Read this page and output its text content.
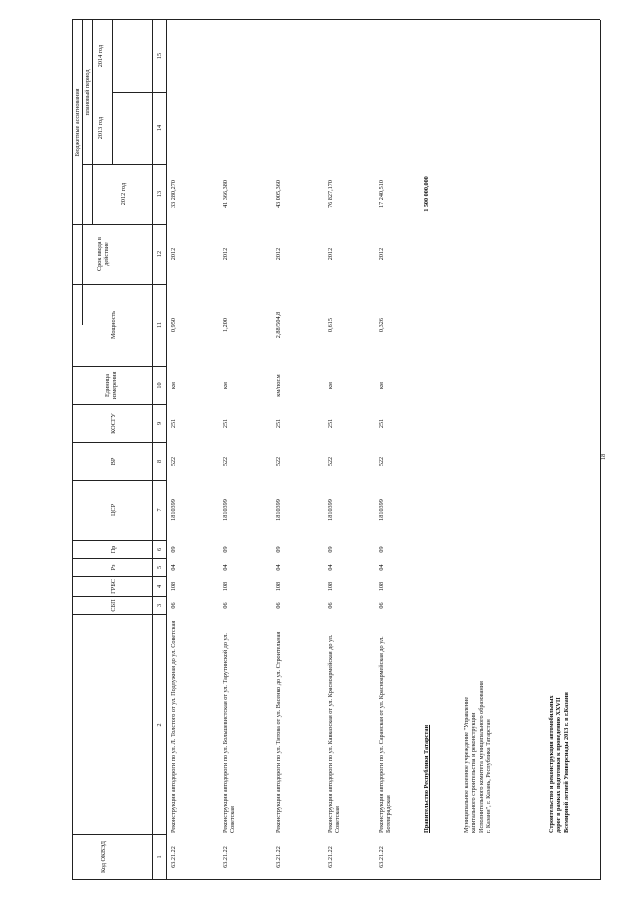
Код ОКВЭД
СБП
ГРБС
Рз
Пр
ЦСР
ВР
КОСГУ
Единица измерения
Мощность
Срок ввода в действие
Бюджетные ассигнования
2012 год
плановый период
2013 год
2014 год
1
2
3
4
5
6
7
8
9
10
11
12
13
14
15
63.21.22
Реконструкция автодороги по ул. Л. Толстого от ул. Подлужная до ул. Советская
06
108
04
09
1810399
522
251
км
0,950
2012
33 280,270
63.21.22
Реконструкция автодороги по ул. Большевистская от ул. Тарутинской до ул. Советская
06
108
04
09
1810399
522
251
км
1,200
2012
41 366,380
63.21.22
Реконструкция автодороги по ул. Титова от ул. Васенко до ул. Строительная
06
108
04
09
1810399
522
251
км/пог.м
2,88/504,8
2012
43 005,360
63.21.22
Реконструкция автодороги по ул. Кавказская от ул. Красноармейская до ул. Советская
06
108
04
09
1810399
522
251
км
0,615
2012
76 827,170
63.21.22
Реконструкция автодороги по ул. Саранская от ул. Красноармейская до ул. Ботевградская
06
108
04
09
1810399
522
251
км
0,326
2012
17 240,510
Правительство Республики Татарстан
1 500 000,000
Муниципальное казенное учреждение "Управление капитального строительства и реконструкции Исполнительного комитета муниципального образования г. Казани", г. Казань, Республика Татарстан	Строительство и реконструкция автомобильных дорог в рамках подготовки к проведению XXVII Всемирной летней Универсиады 2013 г. в г.Казани
18
